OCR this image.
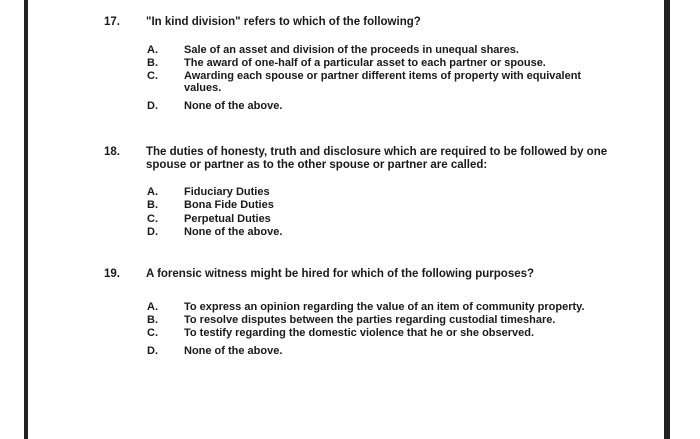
17. "In kind division" refers to which of the following?
A. Sale of an asset and division of the proceeds in unequal shares.
B. The award of one-half of a particular asset to each partner or spouse.
C. Awarding each spouse or partner different items of property with equivalent values.
D. None of the above.
18. The duties of honesty, truth and disclosure which are required to be followed by one spouse or partner as to the other spouse or partner are called:
A. Fiduciary Duties
B. Bona Fide Duties
C. Perpetual Duties
D. None of the above.
19. A forensic witness might be hired for which of the following purposes?
A. To express an opinion regarding the value of an item of community property.
B. To resolve disputes between the parties regarding custodial timeshare.
C. To testify regarding the domestic violence that he or she observed.
D. None of the above.
